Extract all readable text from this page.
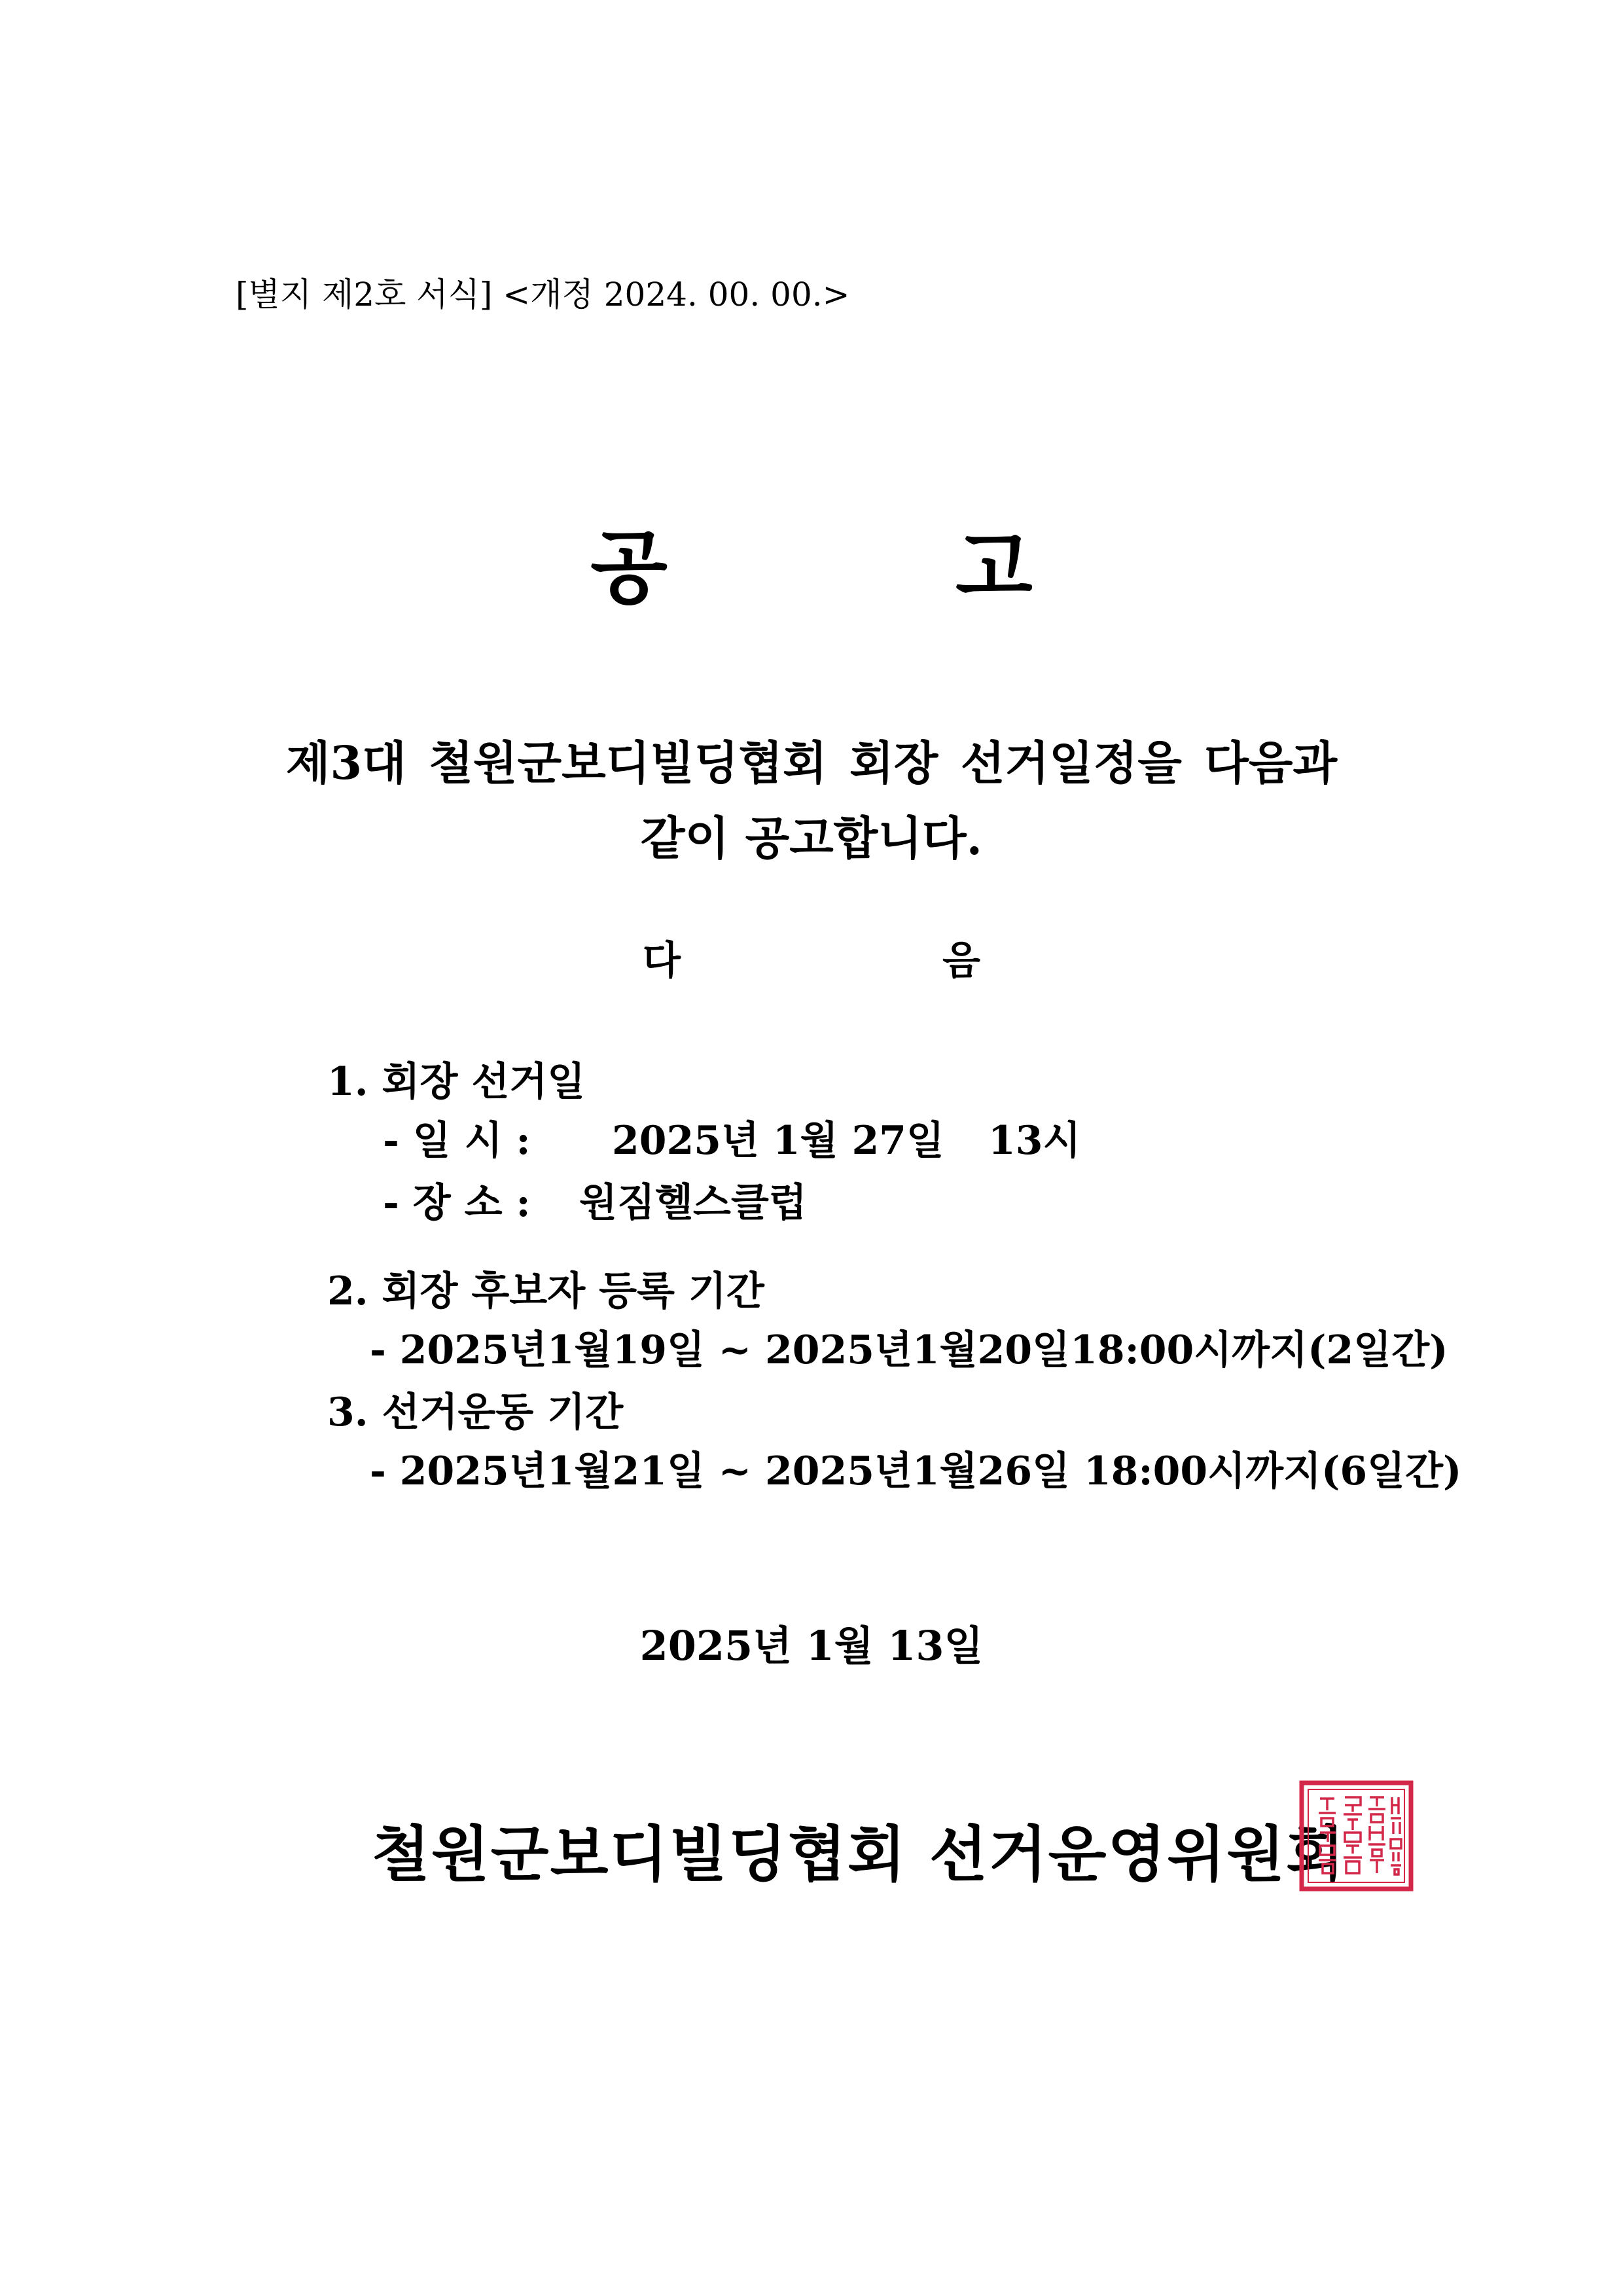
[별지 제2호 서식] <개정 2024. 00. 00.>
공	고
제3대 철원군보디빌딩협회 회장 선거일정을 다음과
같이 공고합니다.
다	음
1. 회장 선거일
- 일 시 : 2025년 1월 27일 13시
- 장 소 : 원짐헬스클럽
2. 회장 후보자 등록 기간
- 2025년1월19일 ~ 2025년1월20일18:00시까지(2일간)
3. 선거운동 기간
- 2025년1월21일 ~ 2025년1월26일 18:00시까지(6일간)
2025년 1월 13일
철원군보디빌딩협회 선거운영위원회
